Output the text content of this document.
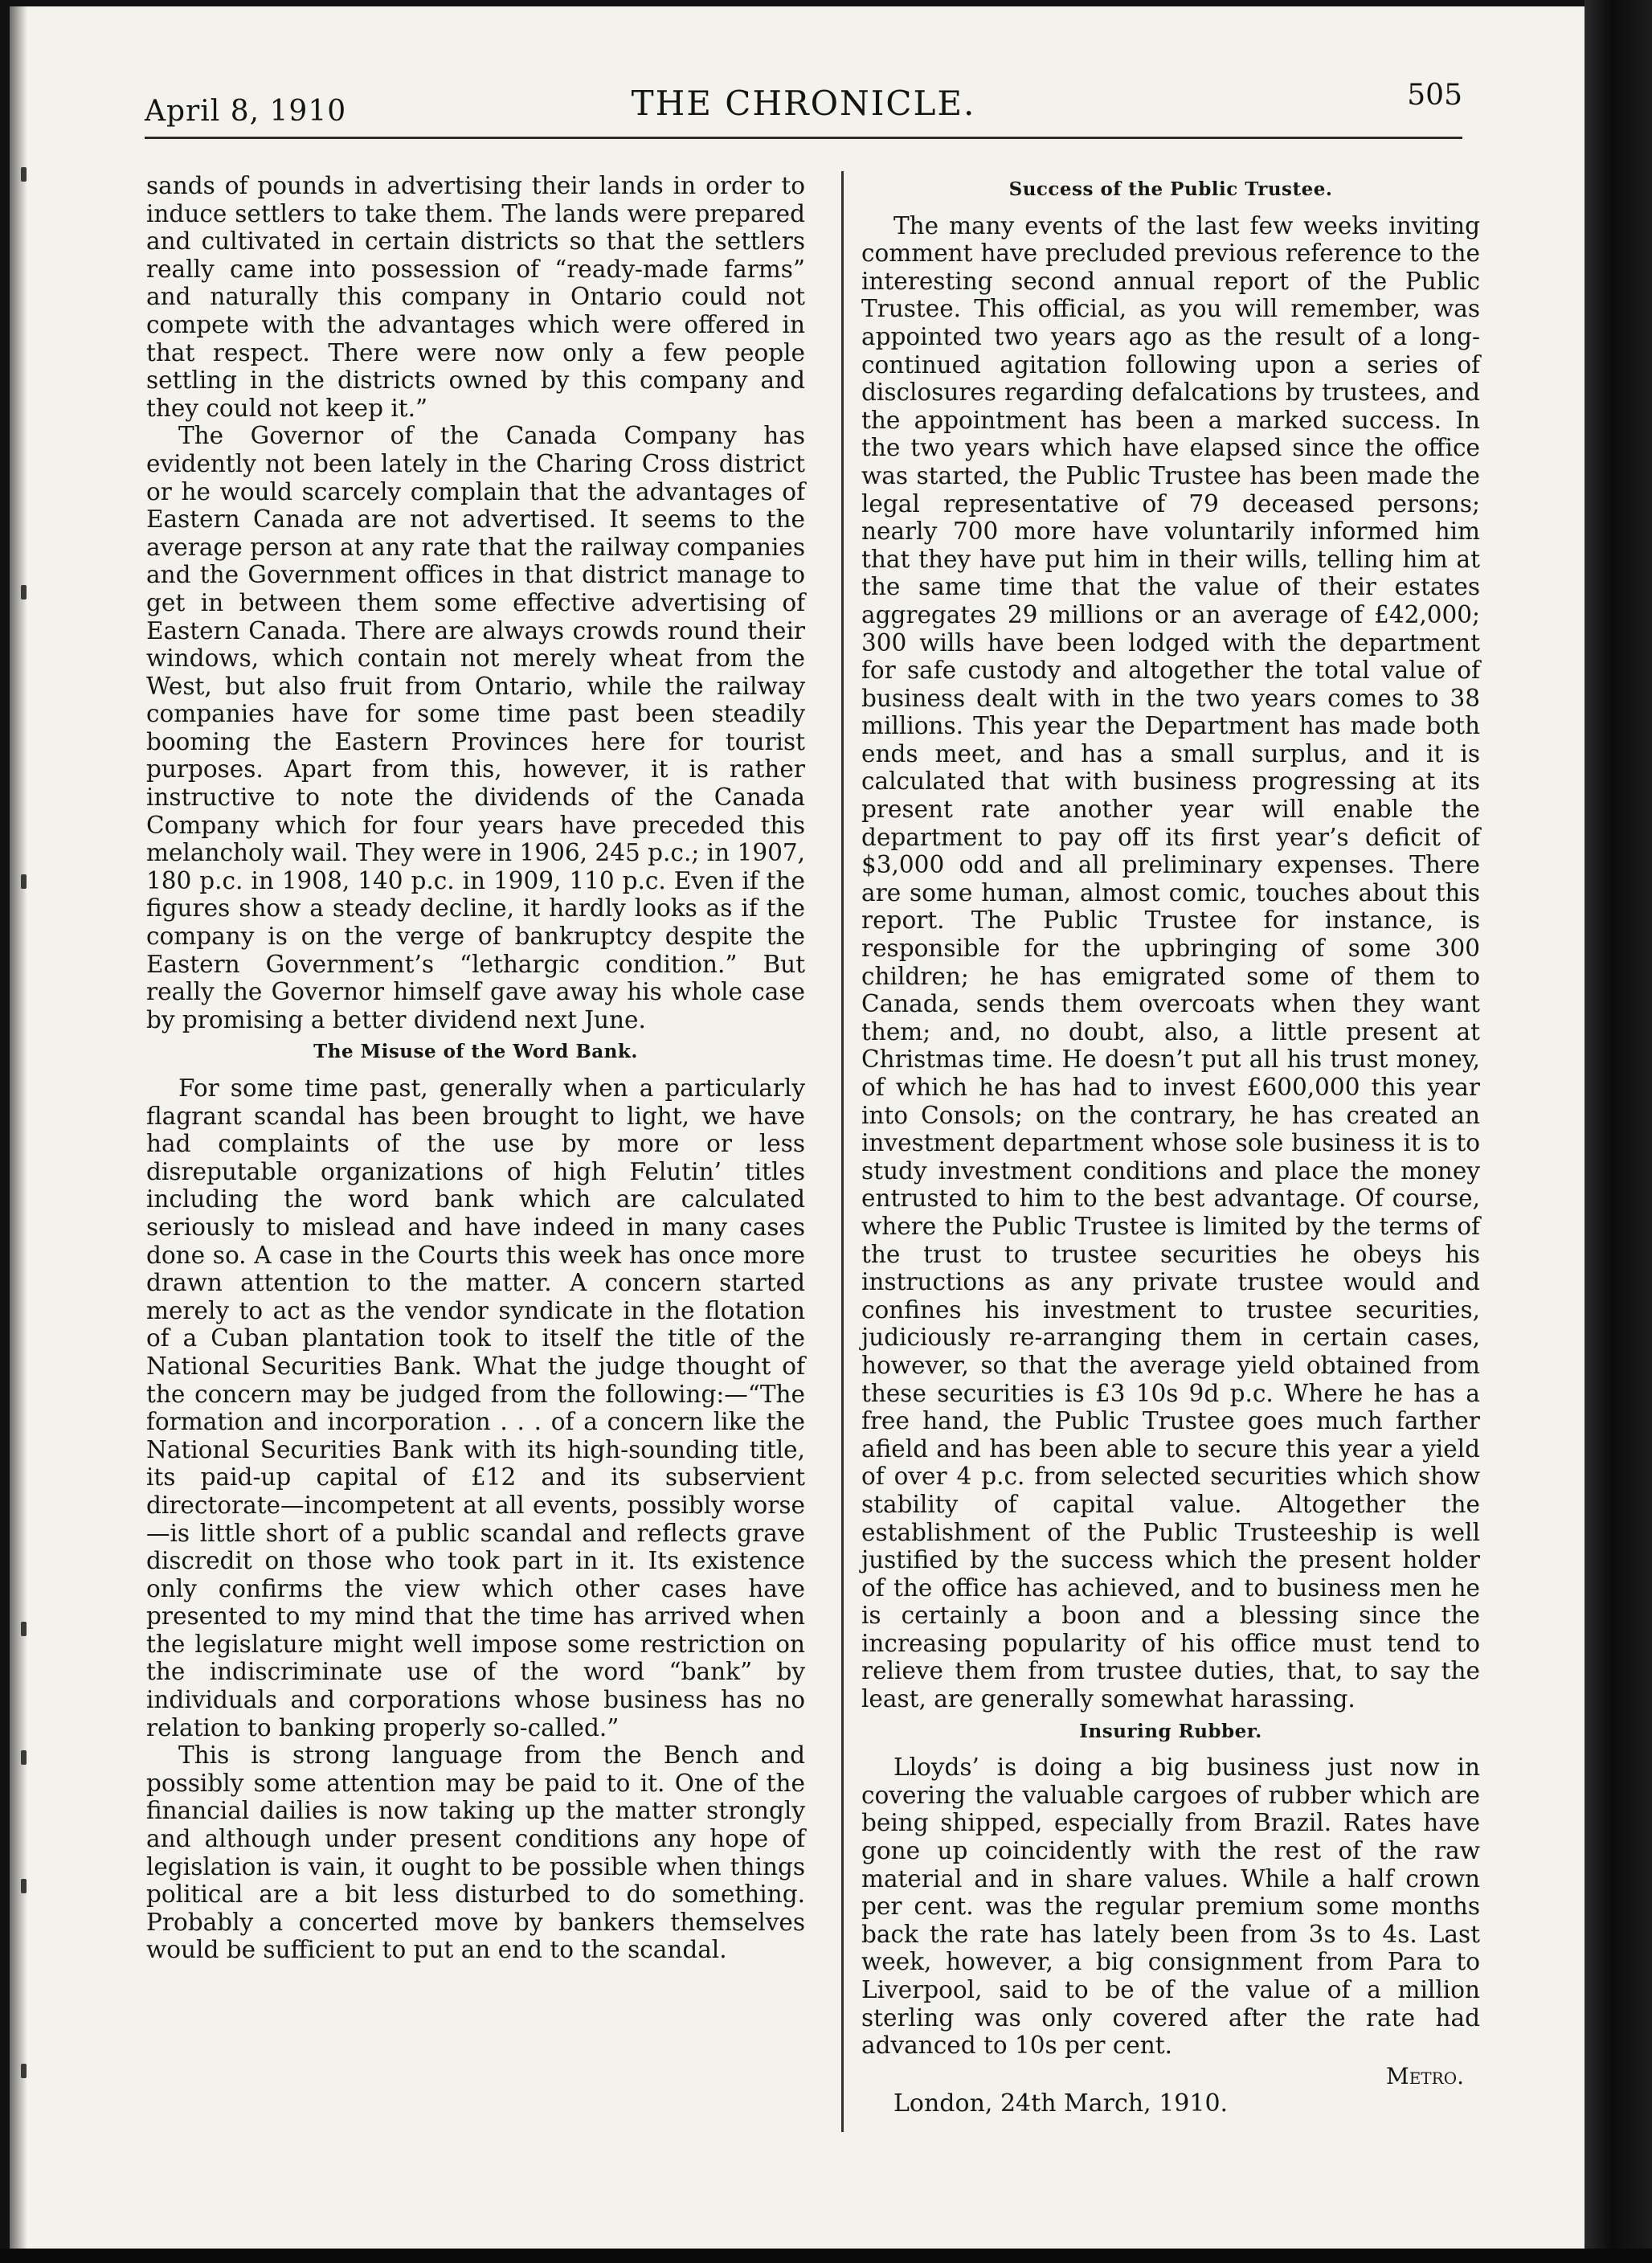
April 8, 1910	THE CHRONICLE.	505

sands of pounds in advertising their lands in order to induce settlers to take them. The lands were prepared and cultivated in certain districts so that the settlers really came into possession of “ready-made farms” and naturally this company in Ontario could not compete with the advantages which were offered in that respect. There were now only a few people settling in the districts owned by this company and they could not keep it.”

The Governor of the Canada Company has evidently not been lately in the Charing Cross district or he would scarcely complain that the advantages of Eastern Canada are not advertised. It seems to the average person at any rate that the railway companies and the Government offices in that district manage to get in between them some effective advertising of Eastern Canada. There are always crowds round their windows, which contain not merely wheat from the West, but also fruit from Ontario, while the railway companies have for some time past been steadily booming the Eastern Provinces here for tourist purposes. Apart from this, however, it is rather instructive to note the dividends of the Canada Company which for four years have preceded this melancholy wail. They were in 1906, 245 p.c.; in 1907, 180 p.c. in 1908, 140 p.c. in 1909, 110 p.c. Even if the figures show a steady decline, it hardly looks as if the company is on the verge of bankruptcy despite the Eastern Government’s “lethargic condition.” But really the Governor himself gave away his whole case by promising a better dividend next June.

The Misuse of the Word Bank.

For some time past, generally when a particularly flagrant scandal has been brought to light, we have had complaints of the use by more or less disreputable organizations of high Felutin’ titles including the word bank which are calculated seriously to mislead and have indeed in many cases done so. A case in the Courts this week has once more drawn attention to the matter. A concern started merely to act as the vendor syndicate in the flotation of a Cuban plantation took to itself the title of the National Securities Bank. What the judge thought of the concern may be judged from the following:—“The formation and incorporation . . . of a concern like the National Securities Bank with its high-sounding title, its paid-up capital of £12 and its subservient directorate—incompetent at all events, possibly worse—is little short of a public scandal and reflects grave discredit on those who took part in it. Its existence only confirms the view which other cases have presented to my mind that the time has arrived when the legislature might well impose some restriction on the indiscriminate use of the word “bank” by individuals and corporations whose business has no relation to banking properly so-called.”

This is strong language from the Bench and possibly some attention may be paid to it. One of the financial dailies is now taking up the matter strongly and although under present conditions any hope of legislation is vain, it ought to be possible when things political are a bit less disturbed to do something. Probably a concerted move by bankers themselves would be sufficient to put an end to the scandal.

Success of the Public Trustee.

The many events of the last few weeks inviting comment have precluded previous reference to the interesting second annual report of the Public Trustee. This official, as you will remember, was appointed two years ago as the result of a long-continued agitation following upon a series of disclosures regarding defalcations by trustees, and the appointment has been a marked success. In the two years which have elapsed since the office was started, the Public Trustee has been made the legal representative of 79 deceased persons; nearly 700 more have voluntarily informed him that they have put him in their wills, telling him at the same time that the value of their estates aggregates 29 millions or an average of £42,000; 300 wills have been lodged with the department for safe custody and altogether the total value of business dealt with in the two years comes to 38 millions. This year the Department has made both ends meet, and has a small surplus, and it is calculated that with business progressing at its present rate another year will enable the department to pay off its first year’s deficit of $3,000 odd and all preliminary expenses. There are some human, almost comic, touches about this report. The Public Trustee for instance, is responsible for the upbringing of some 300 children; he has emigrated some of them to Canada, sends them overcoats when they want them; and, no doubt, also, a little present at Christmas time. He doesn’t put all his trust money, of which he has had to invest £600,000 this year into Consols; on the contrary, he has created an investment department whose sole business it is to study investment conditions and place the money entrusted to him to the best advantage. Of course, where the Public Trustee is limited by the terms of the trust to trustee securities he obeys his instructions as any private trustee would and confines his investment to trustee securities, judiciously re-arranging them in certain cases, however, so that the average yield obtained from these securities is £3 10s 9d p.c. Where he has a free hand, the Public Trustee goes much farther afield and has been able to secure this year a yield of over 4 p.c. from selected securities which show stability of capital value. Altogether the establishment of the Public Trusteeship is well justified by the success which the present holder of the office has achieved, and to business men he is certainly a boon and a blessing since the increasing popularity of his office must tend to relieve them from trustee duties, that, to say the least, are generally somewhat harassing.

Insuring Rubber.

Lloyds’ is doing a big business just now in covering the valuable cargoes of rubber which are being shipped, especially from Brazil. Rates have gone up coincidently with the rest of the raw material and in share values. While a half crown per cent. was the regular premium some months back the rate has lately been from 3s to 4s. Last week, however, a big consignment from Para to Liverpool, said to be of the value of a million sterling was only covered after the rate had advanced to 10s per cent.

Metro.

London, 24th March, 1910.
